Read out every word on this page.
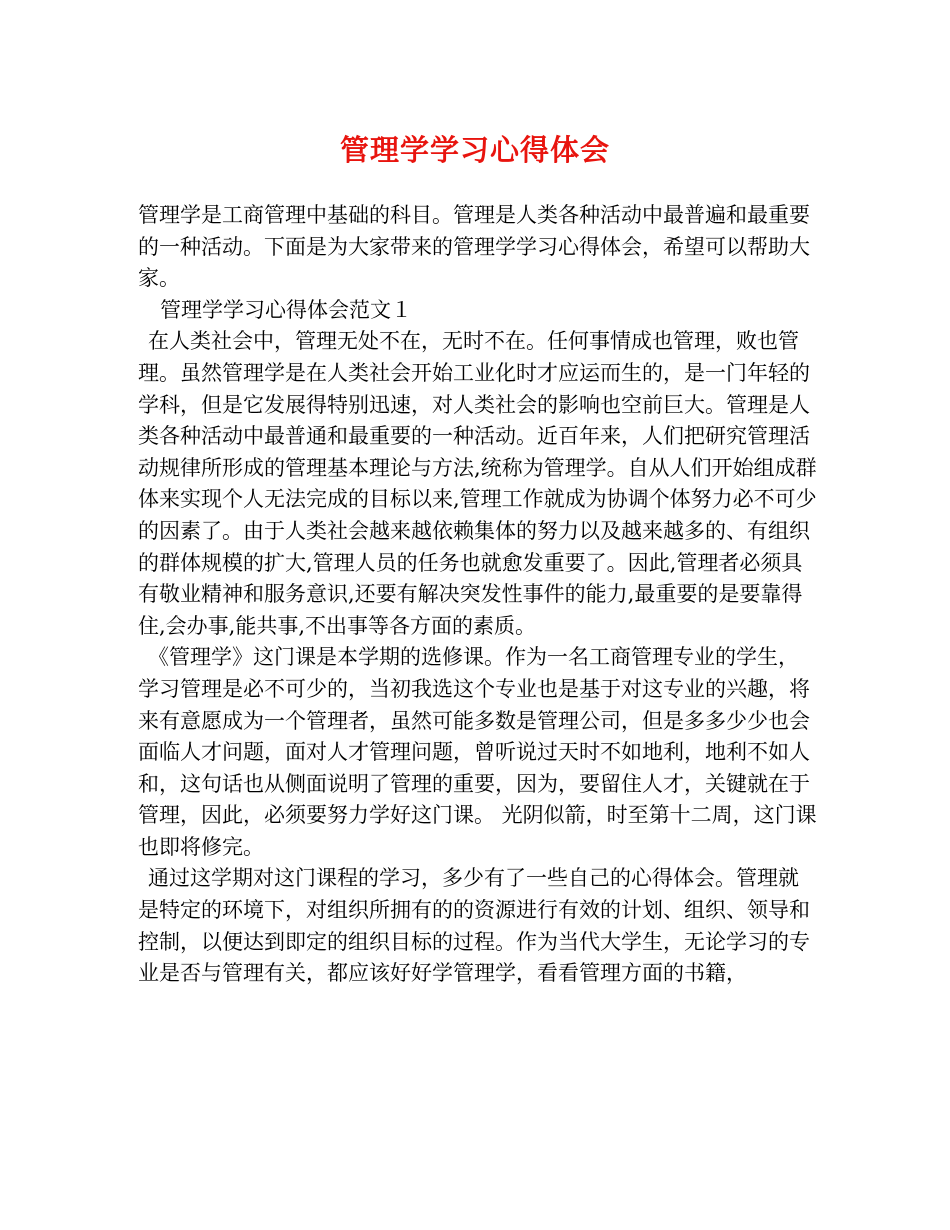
管理学学习心得体会

管理学是工商管理中基础的科目。管理是人类各种活动中最普遍和最重要的一种活动。下面是为大家带来的管理学学习心得体会，希望可以帮助大家。

管理学学习心得体会范文１

在人类社会中，管理无处不在，无时不在。任何事情成也管理，败也管理。虽然管理学是在人类社会开始工业化时才应运而生的，是一门年轻的学科，但是它发展得特别迅速，对人类社会的影响也空前巨大。管理是人类各种活动中最普通和最重要的一种活动。近百年来，人们把研究管理活动规律所形成的管理基本理论与方法,统称为管理学。自从人们开始组成群体来实现个人无法完成的目标以来,管理工作就成为协调个体努力必不可少的因素了。由于人类社会越来越依赖集体的努力以及越来越多的、有组织的群体规模的扩大,管理人员的任务也就愈发重要了。因此,管理者必须具有敬业精神和服务意识,还要有解决突发性事件的能力,最重要的是要靠得住,会办事,能共事,不出事等各方面的素质。

《管理学》这门课是本学期的选修课。作为一名工商管理专业的学生，学习管理是必不可少的，当初我选这个专业也是基于对这专业的兴趣，将来有意愿成为一个管理者，虽然可能多数是管理公司，但是多多少少也会面临人才问题，面对人才管理问题，曾听说过天时不如地利，地利不如人和，这句话也从侧面说明了管理的重要，因为，要留住人才，关键就在于管理，因此，必须要努力学好这门课。 光阴似箭，时至第十二周，这门课也即将修完。

通过这学期对这门课程的学习，多少有了一些自己的心得体会。管理就是特定的环境下，对组织所拥有的的资源进行有效的计划、组织、领导和控制，以便达到即定的组织目标的过程。作为当代大学生，无论学习的专业是否与管理有关，都应该好好学管理学，看看管理方面的书籍，
